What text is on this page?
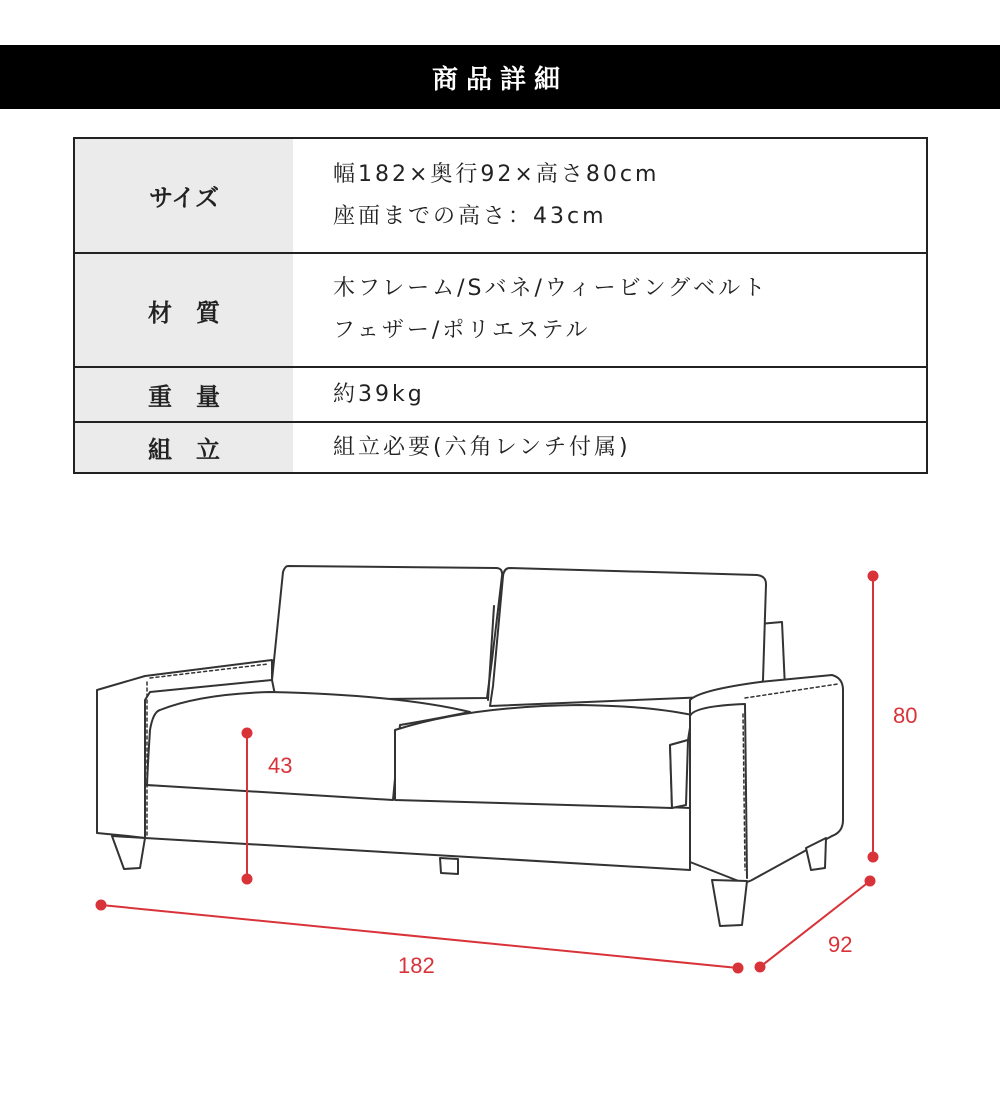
商品詳細
サイズ
幅182×奥行92×高さ80cm
座面までの高さ：43cm
材　質
木フレーム/Sバネ/ウィービングベルト
フェザー/ポリエステル
重　量	約39kg
組　立	組立必要(六角レンチ付属)
80
43
182
92
